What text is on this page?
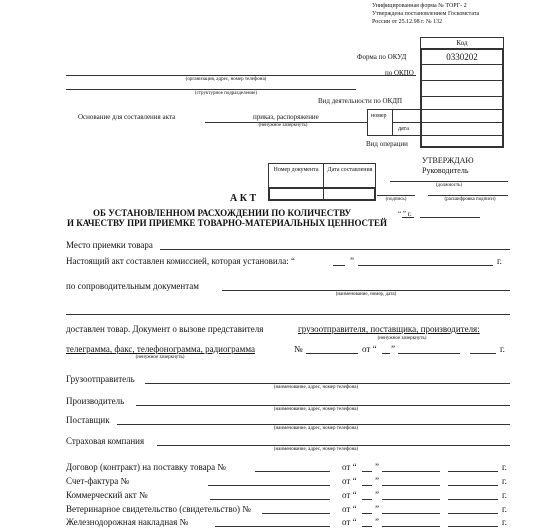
Унифицированная форма № ТОРГ- 2
Утверждена постановлением Госкомстата
России от 25.12.98 г. № 132
Код
0330202
Форма по ОКУД
по ОКПО
Вид деятельности по ОКДП
Основание для составления акта	приказ, распоряжение
(ненужное зачеркнуть)
номер
дата
Вид операции
(организация, адрес, номер телефона)
(структурное подразделение)
Номер документа	Дата составления
УТВЕРЖДАЮ
Руководитель
(должность)
(подпись)	(расшифровка подписи)
“ ” г.
А К Т
ОБ УСТАНОВЛЕННОМ РАСХОЖДЕНИИ ПО КОЛИЧЕСТВУ
И КАЧЕСТВУ ПРИ ПРИЕМКЕ ТОВАРНО-МАТЕРИАЛЬНЫХ ЦЕННОСТЕЙ
Место приемки товара
Настоящий акт составлен комиссией, которая установила: “	”	г.
по сопроводительным документам
(наименование, номер, дата)
доставлен товар. Документ о вызове представителя	грузоотправителя, поставщика, производителя:
(ненужное зачеркнуть)
телеграмма, факс, телефонограмма, радиограмма
(ненужное зачеркнуть)
№	от “ ”	г.
Грузоотправитель
(наименование, адрес, номер телефона)
Производитель
(наименование, адрес, номер телефона)
Поставщик
(наименование, адрес, номер телефона)
Страховая компания
(наименование, адрес, номер телефона)
Договор (контракт) на поставку товара №	от “ ”	г.
Счет-фактура №	от “ ”	г.
Коммерческий акт №	от “ ”	г.
Ветеринарное свидетельство (свидетельство) №	от “ ”	г.
Железнодорожная накладная №	от “ ”	г.
